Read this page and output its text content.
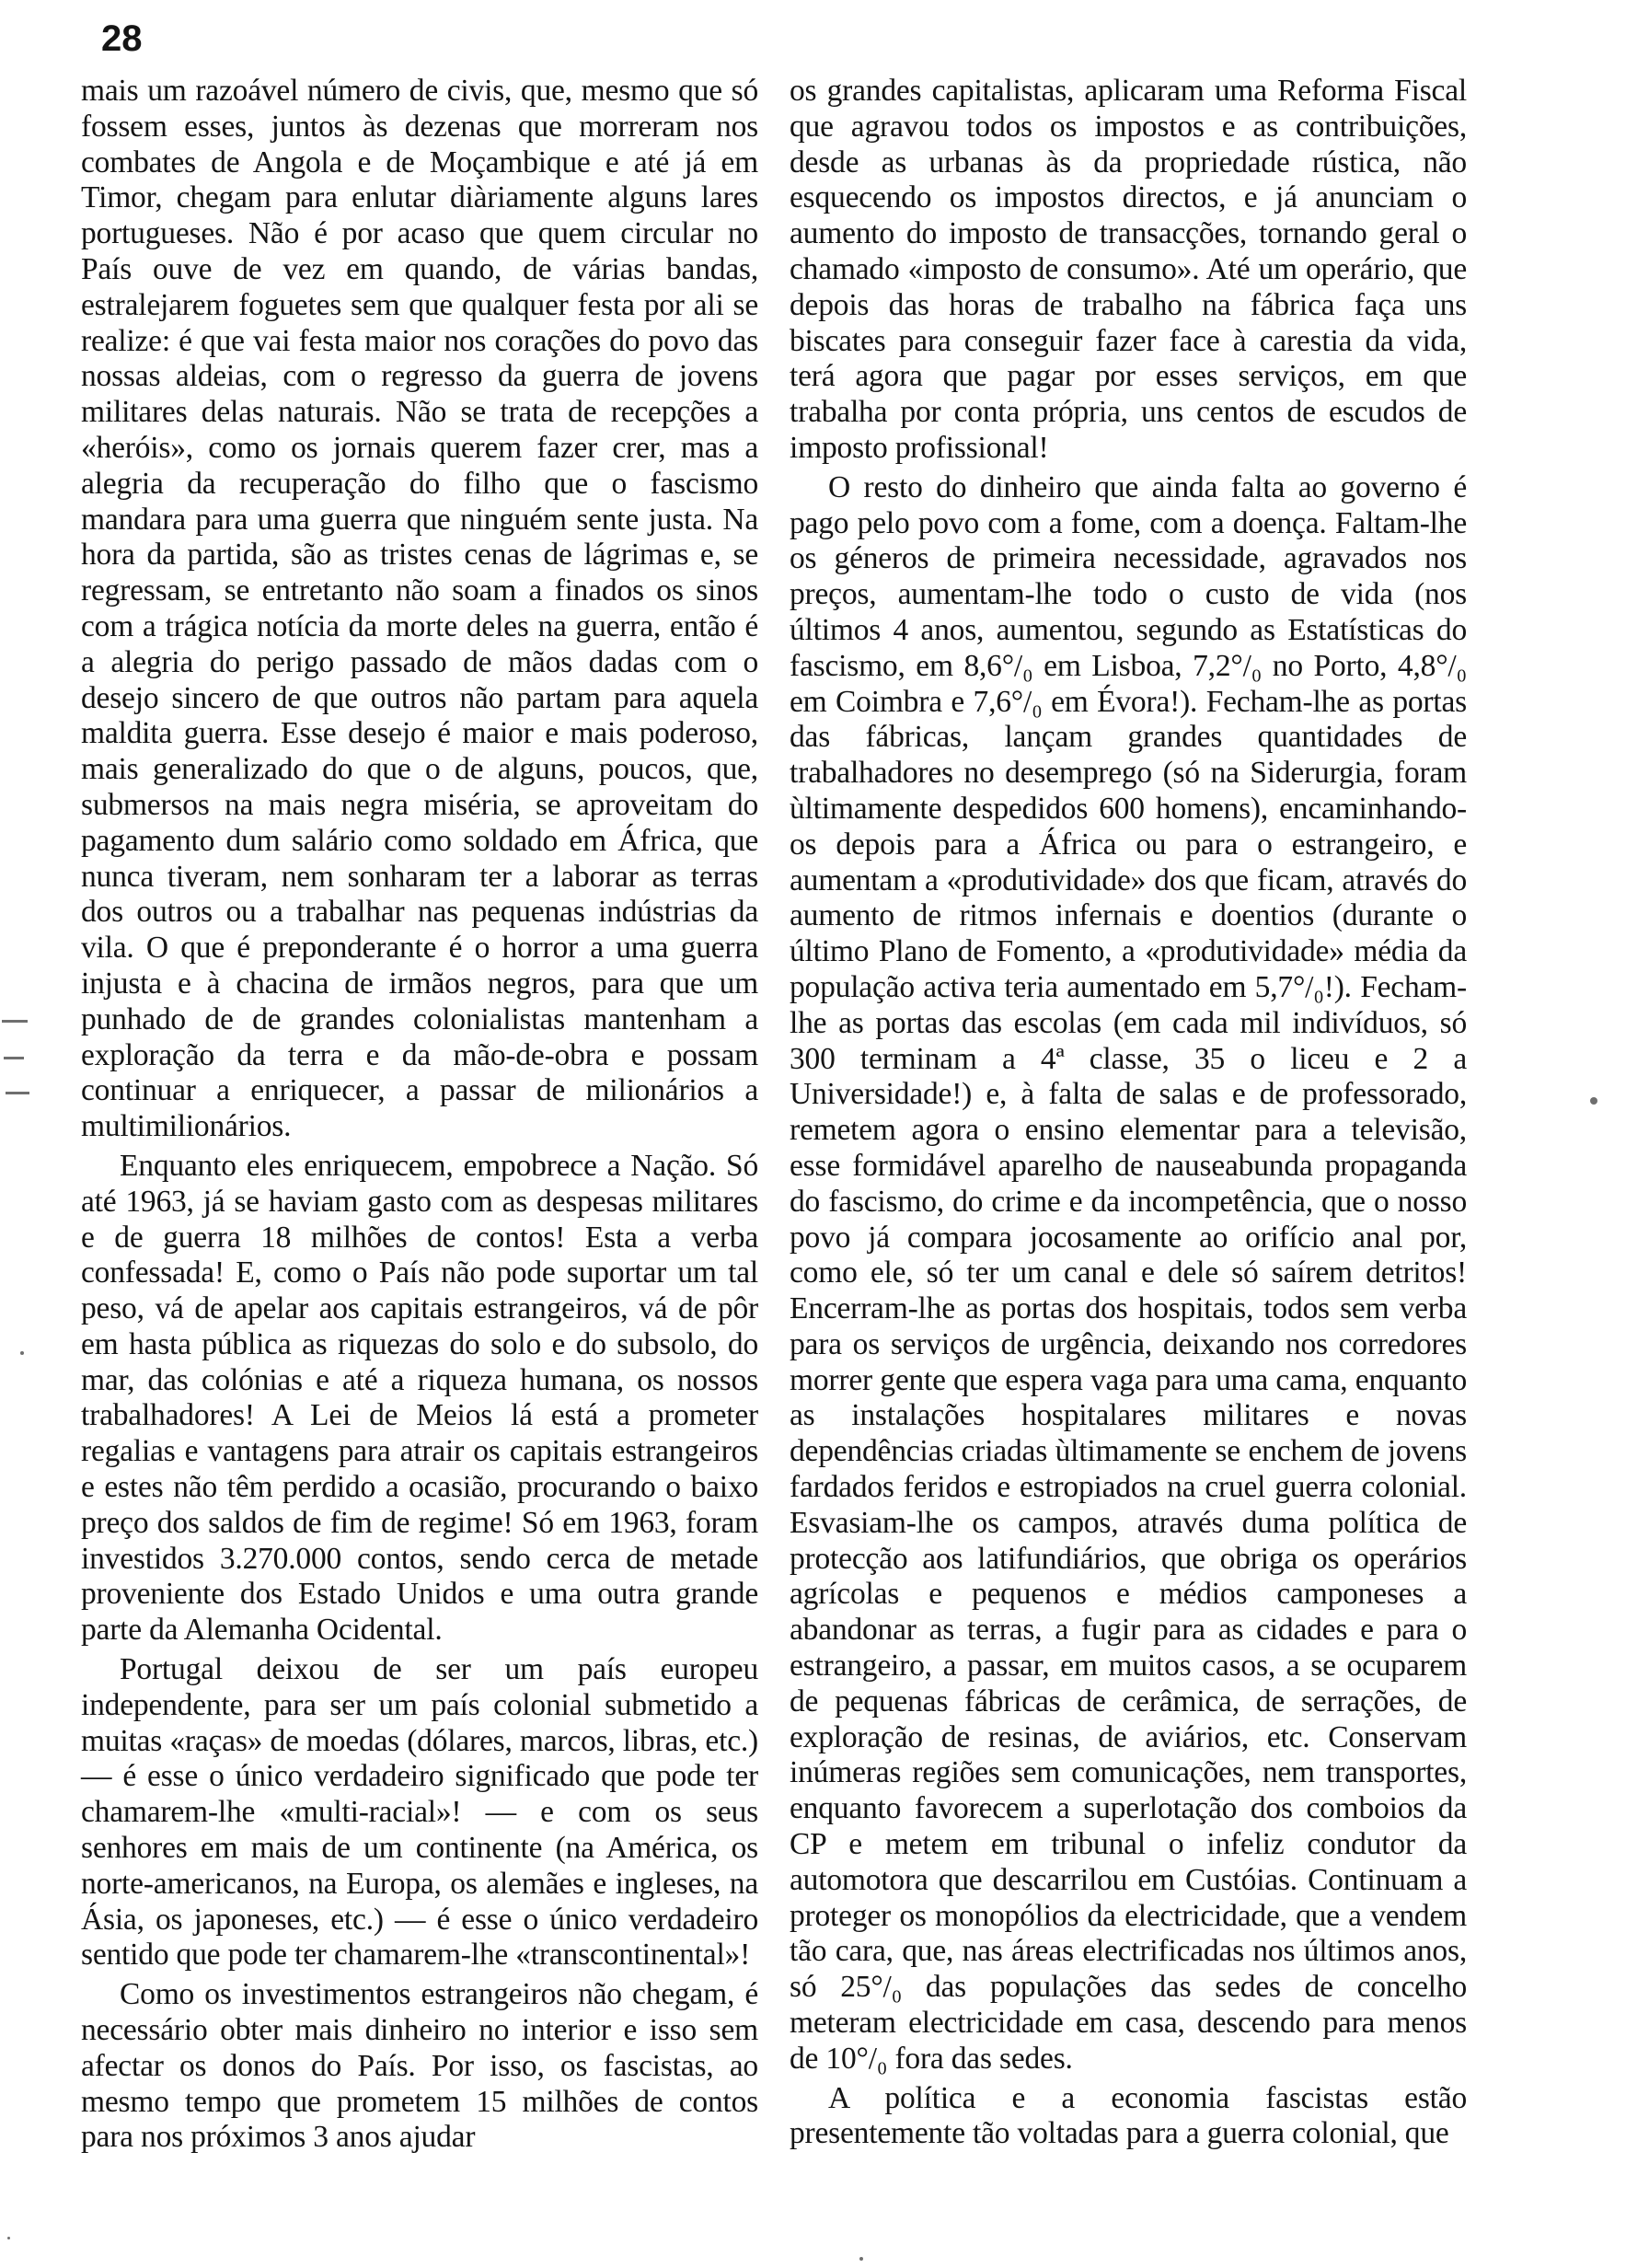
28

mais um razoável número de civis, que, mesmo que só fossem esses, juntos às dezenas que morreram nos combates de Angola e de Moçambique e até já em Timor, chegam para enlutar diàriamente alguns lares portugueses. Não é por acaso que quem circular no País ouve de vez em quando, de várias bandas, estralejarem foguetes sem que qualquer festa por ali se realize: é que vai festa maior nos corações do povo das nossas aldeias, com o regresso da guerra de jovens militares delas naturais. Não se trata de recepções a «heróis», como os jornais querem fazer crer, mas a alegria da recuperação do filho que o fascismo mandara para uma guerra que ninguém sente justa. Na hora da partida, são as tristes cenas de lágrimas e, se regressam, se entretanto não soam a finados os sinos com a trágica notícia da morte deles na guerra, então é a alegria do perigo passado de mãos dadas com o desejo sincero de que outros não partam para aquela maldita guerra. Esse desejo é maior e mais poderoso, mais generalizado do que o de alguns, poucos, que, submersos na mais negra miséria, se aproveitam do pagamento dum salário como soldado em África, que nunca tiveram, nem sonharam ter a laborar as terras dos outros ou a trabalhar nas pequenas indústrias da vila. O que é preponderante é o horror a uma guerra injusta e à chacina de irmãos negros, para que um punhado de de grandes colonialistas mantenham a exploração da terra e da mão-de-obra e possam continuar a enriquecer, a passar de milionários a multimilionários.

Enquanto eles enriquecem, empobrece a Nação. Só até 1963, já se haviam gasto com as despesas militares e de guerra 18 milhões de contos! Esta a verba confessada! E, como o País não pode suportar um tal peso, vá de apelar aos capitais estrangeiros, vá de pôr em hasta pública as riquezas do solo e do subsolo, do mar, das colónias e até a riqueza humana, os nossos trabalhadores! A Lei de Meios lá está a prometer regalias e vantagens para atrair os capitais estrangeiros e estes não têm perdido a ocasião, procurando o baixo preço dos saldos de fim de regime! Só em 1963, foram investidos 3.270.000 contos, sendo cerca de metade proveniente dos Estado Unidos e uma outra grande parte da Alemanha Ocidental.

Portugal deixou de ser um país europeu independente, para ser um país colonial submetido a muitas «raças» de moedas (dólares, marcos, libras, etc.) — é esse o único verdadeiro significado que pode ter chamarem-lhe «multi-racial»! — e com os seus senhores em mais de um continente (na América, os norte-americanos, na Europa, os alemães e ingleses, na Ásia, os japoneses, etc.) — é esse o único verdadeiro sentido que pode ter chamarem-lhe «transcontinental»!

Como os investimentos estrangeiros não chegam, é necessário obter mais dinheiro no interior e isso sem afectar os donos do País. Por isso, os fascistas, ao mesmo tempo que prometem 15 milhões de contos para nos próximos 3 anos ajudar

os grandes capitalistas, aplicaram uma Reforma Fiscal que agravou todos os impostos e as contribuições, desde as urbanas às da propriedade rústica, não esquecendo os impostos directos, e já anunciam o aumento do imposto de transacções, tornando geral o chamado «imposto de consumo». Até um operário, que depois das horas de trabalho na fábrica faça uns biscates para conseguir fazer face à carestia da vida, terá agora que pagar por esses serviços, em que trabalha por conta própria, uns centos de escudos de imposto profissional!

O resto do dinheiro que ainda falta ao governo é pago pelo povo com a fome, com a doença. Faltam-lhe os géneros de primeira necessidade, agravados nos preços, aumentam-lhe todo o custo de vida (nos últimos 4 anos, aumentou, segundo as Estatísticas do fascismo, em 8,6°/₀ em Lisboa, 7,2°/₀ no Porto, 4,8°/₀ em Coimbra e 7,6°/₀ em Évora!). Fecham-lhe as portas das fábricas, lançam grandes quantidades de trabalhadores no desemprego (só na Siderurgia, foram ùltimamente despedidos 600 homens), encaminhando-os depois para a África ou para o estrangeiro, e aumentam a «produtividade» dos que ficam, através do aumento de ritmos infernais e doentios (durante o último Plano de Fomento, a «produtividade» média da população activa teria aumentado em 5,7°/₀!). Fecham-lhe as portas das escolas (em cada mil indivíduos, só 300 terminam a 4ª classe, 35 o liceu e 2 a Universidade!) e, à falta de salas e de professorado, remetem agora o ensino elementar para a televisão, esse formidável aparelho de nauseabunda propaganda do fascismo, do crime e da incompetência, que o nosso povo já compara jocosamente ao orifício anal por, como ele, só ter um canal e dele só saírem detritos! Encerram-lhe as portas dos hospitais, todos sem verba para os serviços de urgência, deixando nos corredores morrer gente que espera vaga para uma cama, enquanto as instalações hospitalares militares e novas dependências criadas ùltimamente se enchem de jovens fardados feridos e estropiados na cruel guerra colonial. Esvasiam-lhe os campos, através duma política de protecção aos latifundiários, que obriga os operários agrícolas e pequenos e médios camponeses a abandonar as terras, a fugir para as cidades e para o estrangeiro, a passar, em muitos casos, a se ocuparem de pequenas fábricas de cerâmica, de serrações, de exploração de resinas, de aviários, etc. Conservam inúmeras regiões sem comunicações, nem transportes, enquanto favorecem a superlotação dos comboios da CP e metem em tribunal o infeliz condutor da automotora que descarrilou em Custóias. Continuam a proteger os monopólios da electricidade, que a vendem tão cara, que, nas áreas electrificadas nos últimos anos, só 25°/₀ das populações das sedes de concelho meteram electricidade em casa, descendo para menos de 10°/₀ fora das sedes.

A política e a economia fascistas estão presentemente tão voltadas para a guerra colonial, que
